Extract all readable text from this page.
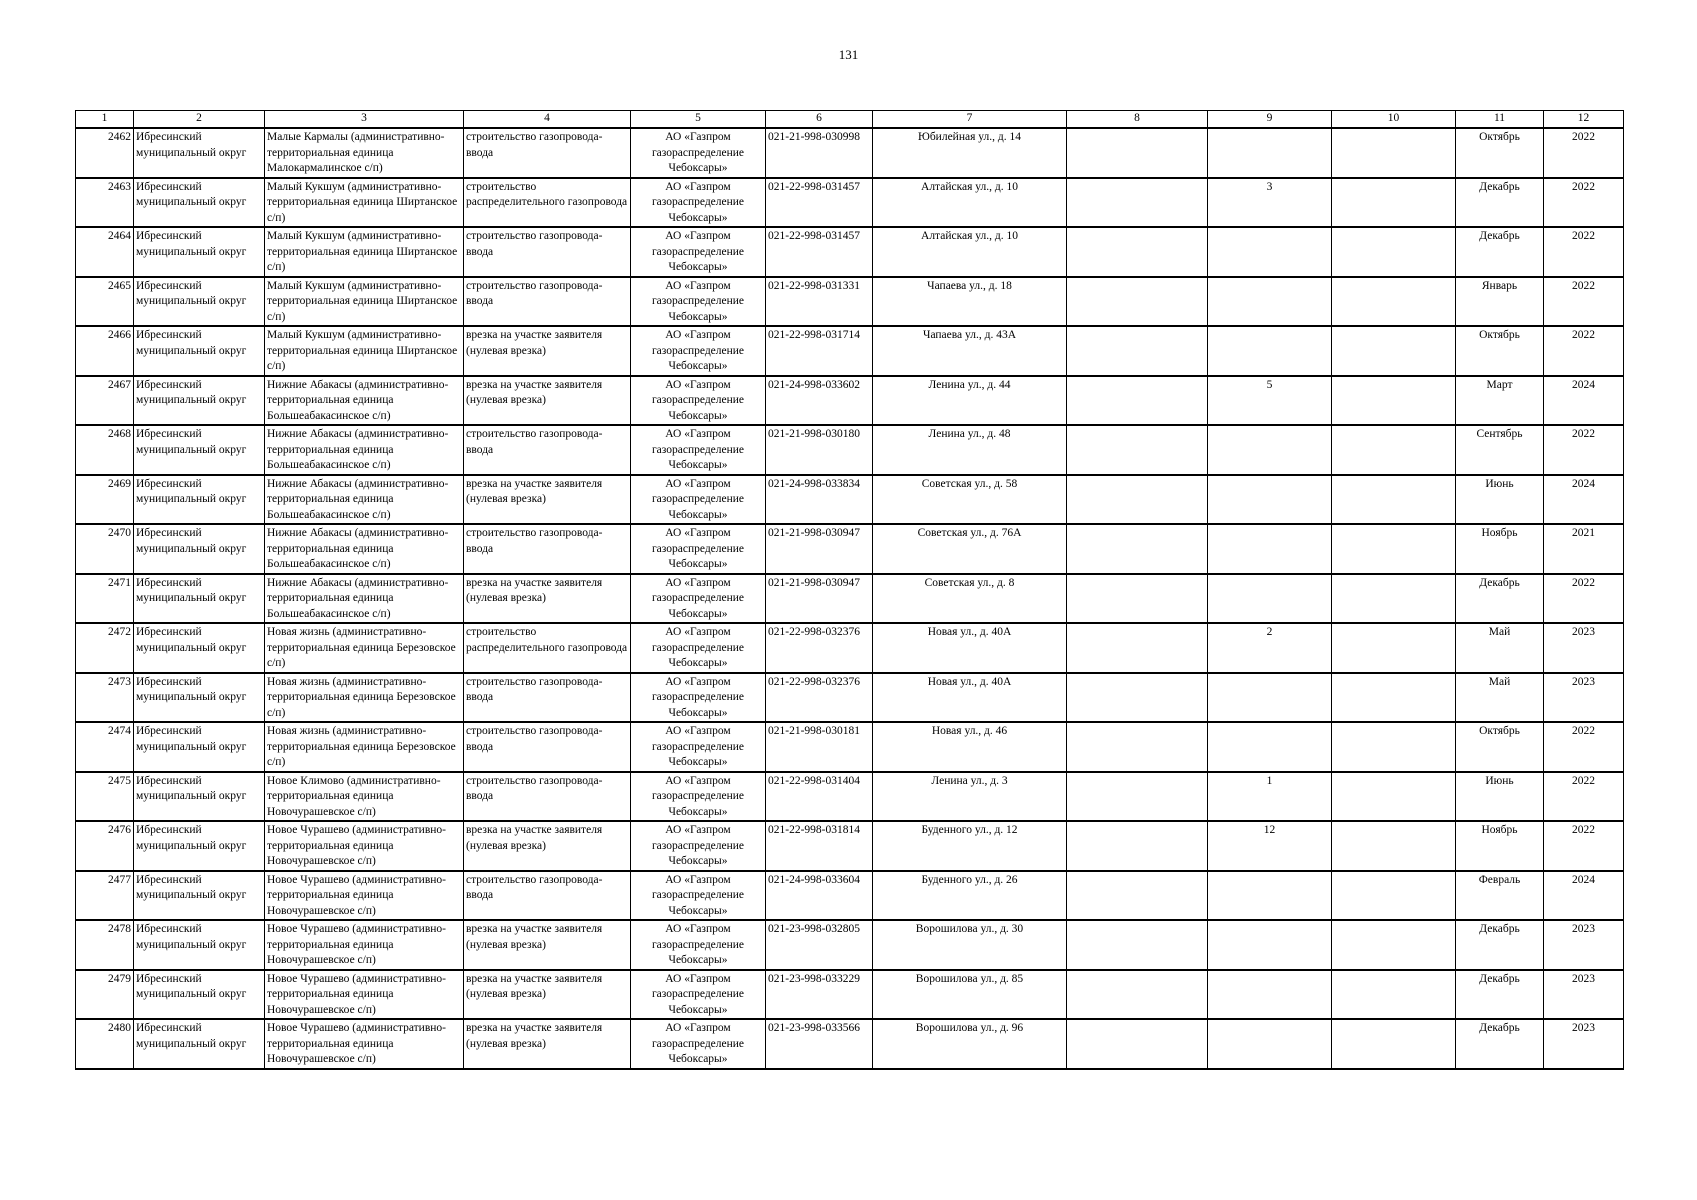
131
1	2	3	4	5	6	7	8	9	10	11	12
2462	Ибресинский муниципальный округ	Малые Кармалы (административно-территориальная единица Малокармалинское с/п)	строительство газопровода-ввода	АО «Газпром газораспределение Чебоксары»	021-21-998-030998	Юбилейная ул., д. 14				Октябрь	2022
2463	Ибресинский муниципальный округ	Малый Кукшум (административно-территориальная единица Ширтанское с/п)	строительство распределительного газопровода	АО «Газпром газораспределение Чебоксары»	021-22-998-031457	Алтайская ул., д. 10		3		Декабрь	2022
2464	Ибресинский муниципальный округ	Малый Кукшум (административно-территориальная единица Ширтанское с/п)	строительство газопровода-ввода	АО «Газпром газораспределение Чебоксары»	021-22-998-031457	Алтайская ул., д. 10				Декабрь	2022
2465	Ибресинский муниципальный округ	Малый Кукшум (административно-территориальная единица Ширтанское с/п)	строительство газопровода-ввода	АО «Газпром газораспределение Чебоксары»	021-22-998-031331	Чапаева ул., д. 18				Январь	2022
2466	Ибресинский муниципальный округ	Малый Кукшум (административно-территориальная единица Ширтанское с/п)	врезка на участке заявителя (нулевая врезка)	АО «Газпром газораспределение Чебоксары»	021-22-998-031714	Чапаева ул., д. 43А				Октябрь	2022
2467	Ибресинский муниципальный округ	Нижние Абакасы (административно-территориальная единица Большеабакасинское с/п)	врезка на участке заявителя (нулевая врезка)	АО «Газпром газораспределение Чебоксары»	021-24-998-033602	Ленина ул., д. 44		5		Март	2024
2468	Ибресинский муниципальный округ	Нижние Абакасы (административно-территориальная единица Большеабакасинское с/п)	строительство газопровода-ввода	АО «Газпром газораспределение Чебоксары»	021-21-998-030180	Ленина ул., д. 48				Сентябрь	2022
2469	Ибресинский муниципальный округ	Нижние Абакасы (административно-территориальная единица Большеабакасинское с/п)	врезка на участке заявителя (нулевая врезка)	АО «Газпром газораспределение Чебоксары»	021-24-998-033834	Советская ул., д. 58				Июнь	2024
2470	Ибресинский муниципальный округ	Нижние Абакасы (административно-территориальная единица Большеабакасинское с/п)	строительство газопровода-ввода	АО «Газпром газораспределение Чебоксары»	021-21-998-030947	Советская ул., д. 76А				Ноябрь	2021
2471	Ибресинский муниципальный округ	Нижние Абакасы (административно-территориальная единица Большеабакасинское с/п)	врезка на участке заявителя (нулевая врезка)	АО «Газпром газораспределение Чебоксары»	021-21-998-030947	Советская ул., д. 8				Декабрь	2022
2472	Ибресинский муниципальный округ	Новая жизнь (административно-территориальная единица Березовское с/п)	строительство распределительного газопровода	АО «Газпром газораспределение Чебоксары»	021-22-998-032376	Новая ул., д. 40А		2		Май	2023
2473	Ибресинский муниципальный округ	Новая жизнь (административно-территориальная единица Березовское с/п)	строительство газопровода-ввода	АО «Газпром газораспределение Чебоксары»	021-22-998-032376	Новая ул., д. 40А				Май	2023
2474	Ибресинский муниципальный округ	Новая жизнь (административно-территориальная единица Березовское с/п)	строительство газопровода-ввода	АО «Газпром газораспределение Чебоксары»	021-21-998-030181	Новая ул., д. 46				Октябрь	2022
2475	Ибресинский муниципальный округ	Новое Климово (административно-территориальная единица Новочурашевское с/п)	строительство газопровода-ввода	АО «Газпром газораспределение Чебоксары»	021-22-998-031404	Ленина ул., д. 3		1		Июнь	2022
2476	Ибресинский муниципальный округ	Новое Чурашево (административно-территориальная единица Новочурашевское с/п)	врезка на участке заявителя (нулевая врезка)	АО «Газпром газораспределение Чебоксары»	021-22-998-031814	Буденного ул., д. 12		12		Ноябрь	2022
2477	Ибресинский муниципальный округ	Новое Чурашево (административно-территориальная единица Новочурашевское с/п)	строительство газопровода-ввода	АО «Газпром газораспределение Чебоксары»	021-24-998-033604	Буденного ул., д. 26				Февраль	2024
2478	Ибресинский муниципальный округ	Новое Чурашево (административно-территориальная единица Новочурашевское с/п)	врезка на участке заявителя (нулевая врезка)	АО «Газпром газораспределение Чебоксары»	021-23-998-032805	Ворошилова ул., д. 30				Декабрь	2023
2479	Ибресинский муниципальный округ	Новое Чурашево (административно-территориальная единица Новочурашевское с/п)	врезка на участке заявителя (нулевая врезка)	АО «Газпром газораспределение Чебоксары»	021-23-998-033229	Ворошилова ул., д. 85				Декабрь	2023
2480	Ибресинский муниципальный округ	Новое Чурашево (административно-территориальная единица Новочурашевское с/п)	врезка на участке заявителя (нулевая врезка)	АО «Газпром газораспределение Чебоксары»	021-23-998-033566	Ворошилова ул., д. 96				Декабрь	2023
